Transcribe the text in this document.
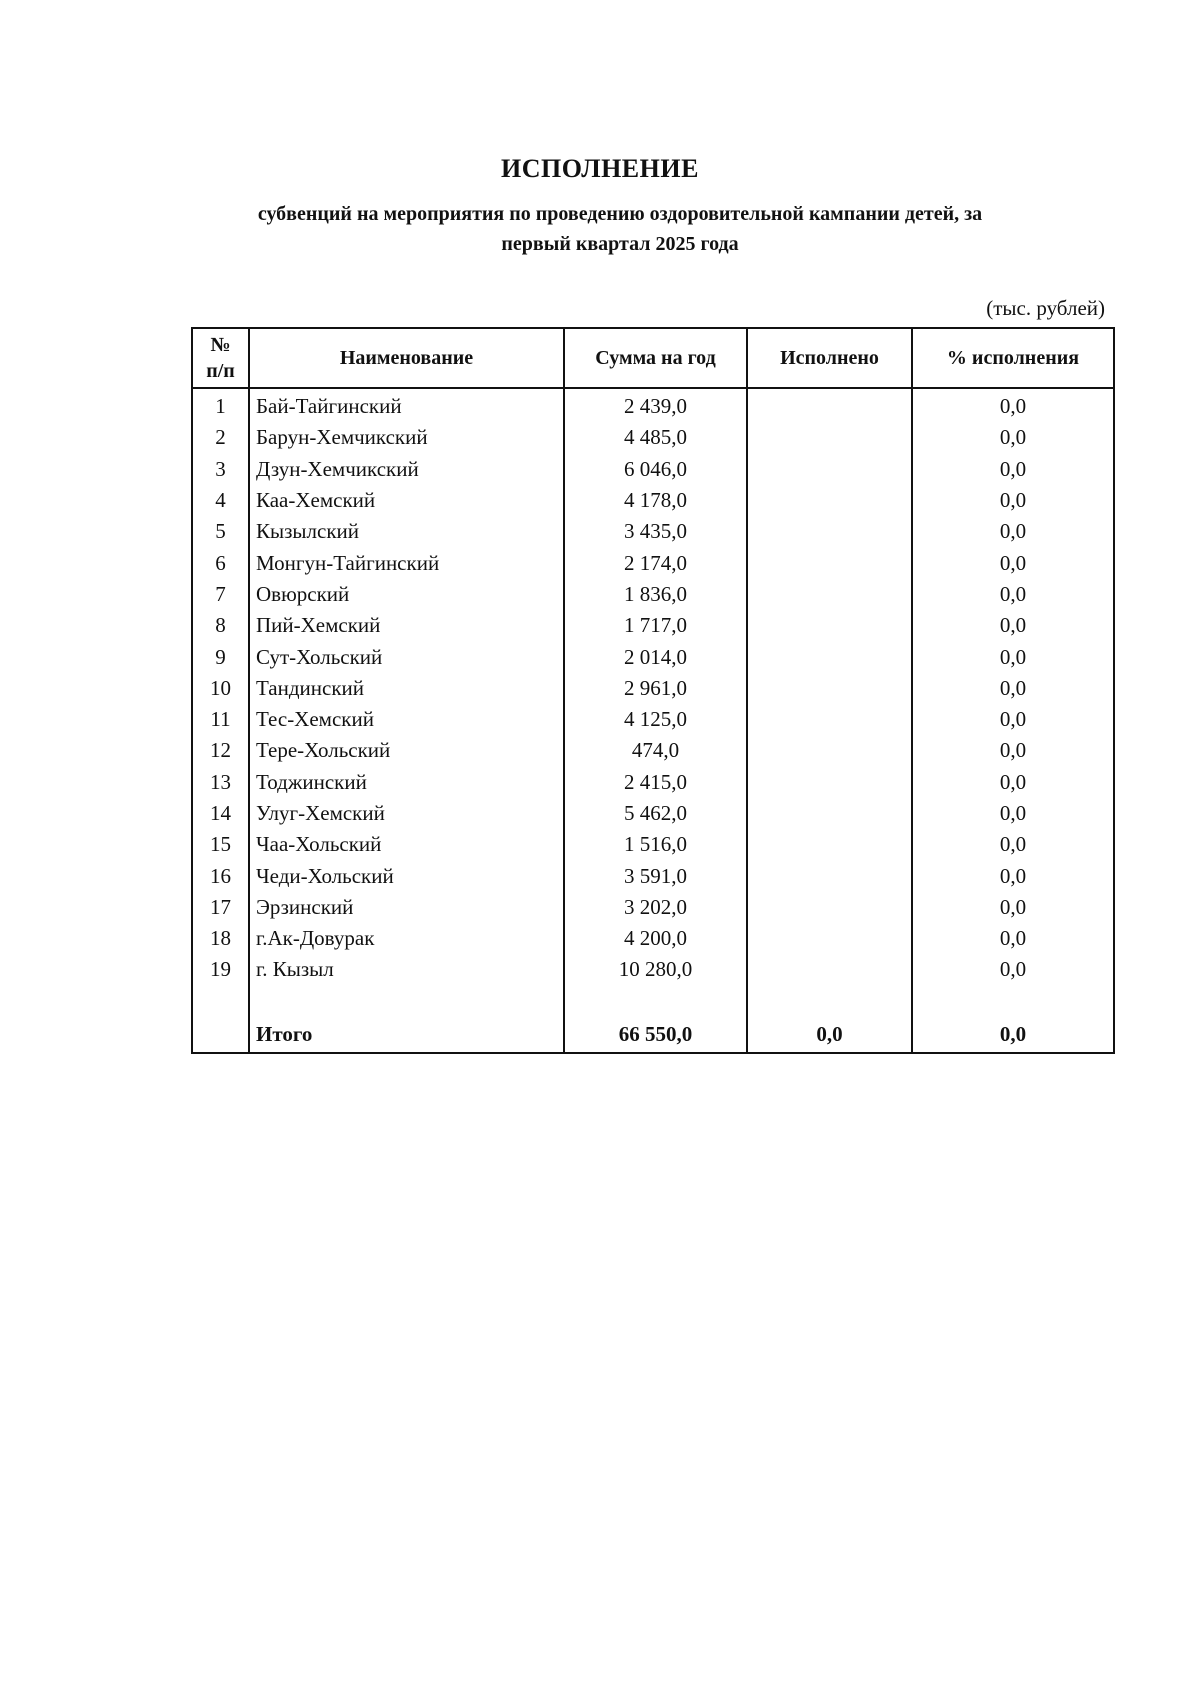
ИСПОЛНЕНИЕ
субвенций на мероприятия по проведению оздоровительной кампании детей, за
первый квартал 2025 года
(тыс. рублей)
№
п/п	Наименование	Сумма на год	Исполнено	% исполнения
1	Бай-Тайгинский	2 439,0		0,0
2	Барун-Хемчикский	4 485,0		0,0
3	Дзун-Хемчикский	6 046,0		0,0
4	Каа-Хемский	4 178,0		0,0
5	Кызылский	3 435,0		0,0
6	Монгун-Тайгинский	2 174,0		0,0
7	Овюрский	1 836,0		0,0
8	Пий-Хемский	1 717,0		0,0
9	Сут-Хольский	2 014,0		0,0
10	Тандинский	2 961,0		0,0
11	Тес-Хемский	4 125,0		0,0
12	Тере-Хольский	474,0		0,0
13	Тоджинский	2 415,0		0,0
14	Улуг-Хемский	5 462,0		0,0
15	Чаа-Хольский	1 516,0		0,0
16	Чеди-Хольский	3 591,0		0,0
17	Эрзинский	3 202,0		0,0
18	г.Ак-Довурак	4 200,0		0,0
19	г. Кызыл	10 280,0		0,0

	Итого	66 550,0	0,0	0,0
